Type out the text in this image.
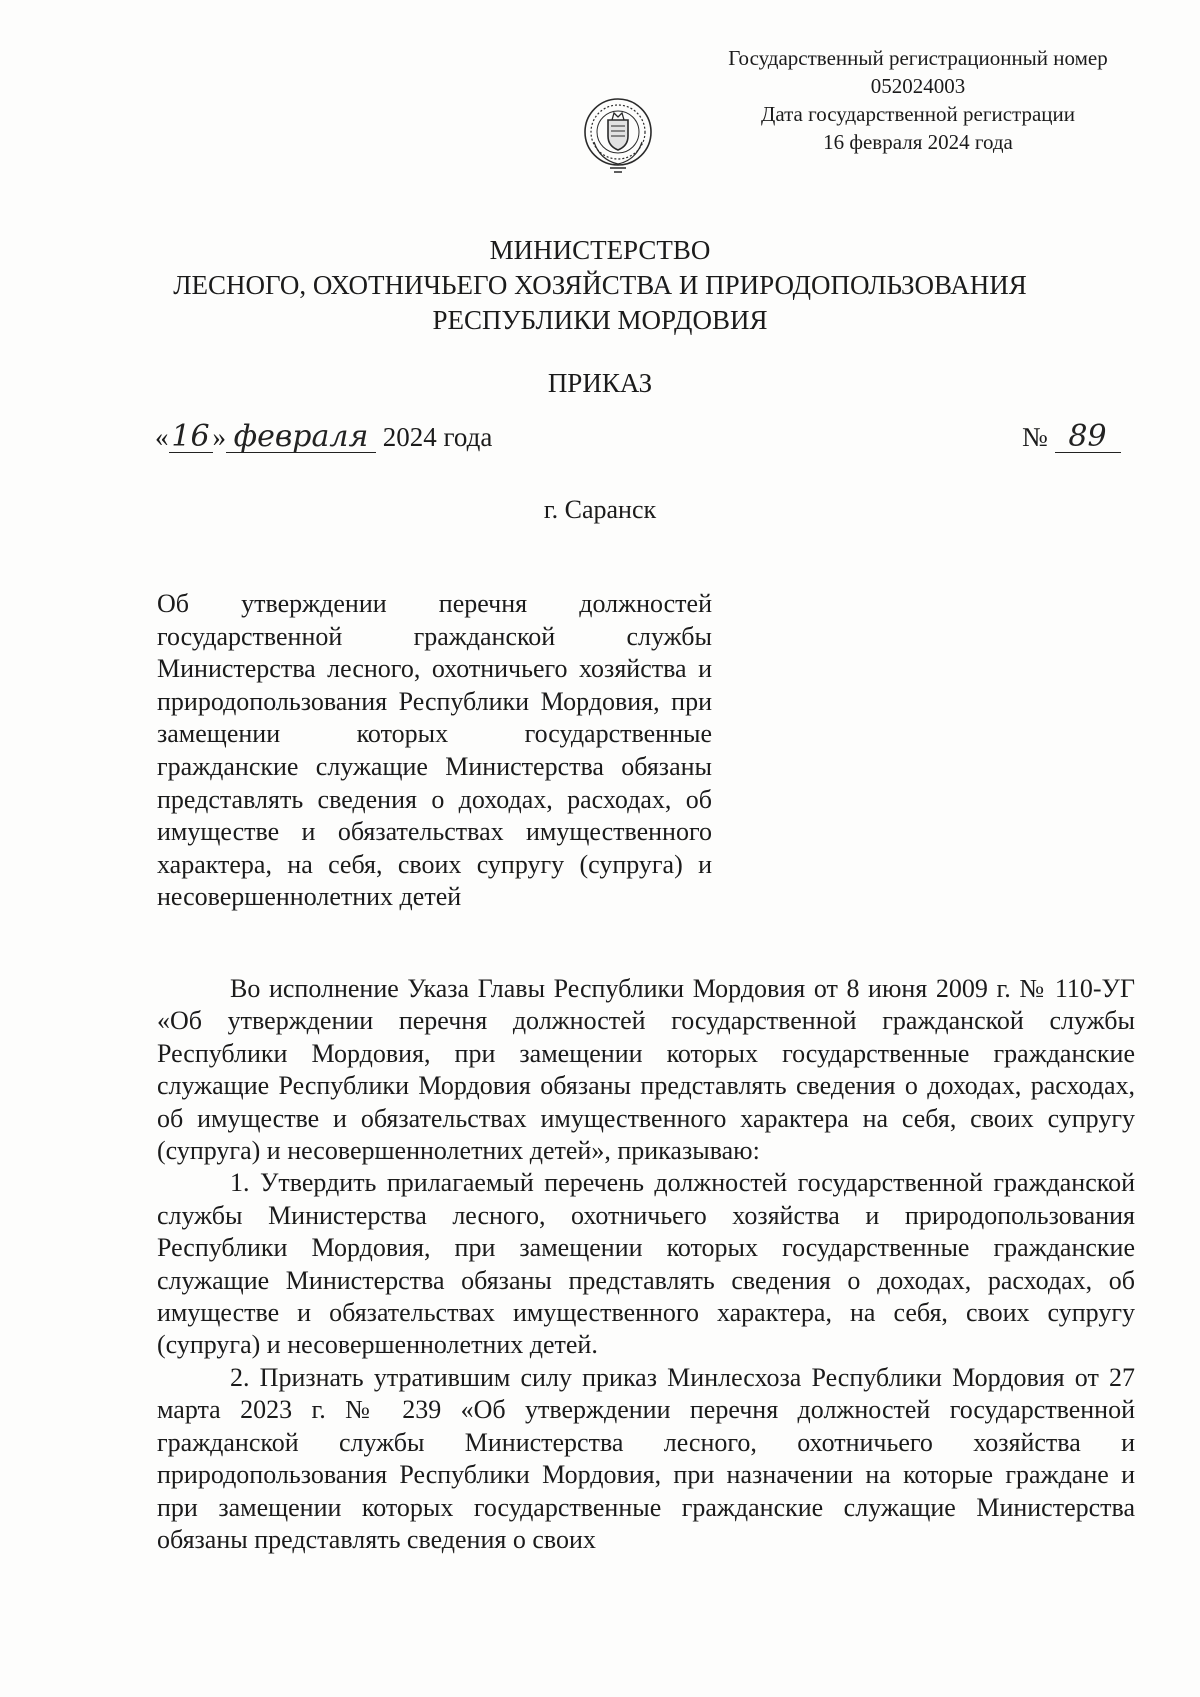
Государственный регистрационный номер
052024003
Дата государственной регистрации
16 февраля 2024 года
МИНИСТЕРСТВО
ЛЕСНОГО, ОХОТНИЧЬЕГО ХОЗЯЙСТВА И ПРИРОДОПОЛЬЗОВАНИЯ
РЕСПУБЛИКИ МОРДОВИЯ
ПРИКАЗ
«16 » февраля 2024 года	№ 89
г. Саранск
Об утверждении перечня должностей государственной гражданской службы Министерства лесного, охотничьего хозяйства и природопользования Республики Мордовия, при замещении которых государственные гражданские служащие Министерства обязаны представлять сведения о доходах, расходах, об имуществе и обязательствах имущественного характера, на себя, своих супругу (супруга) и несовершеннолетних детей

Во исполнение Указа Главы Республики Мордовия от 8 июня 2009 г. № 110-УГ «Об утверждении перечня должностей государственной гражданской службы Республики Мордовия, при замещении которых государственные гражданские служащие Республики Мордовия обязаны представлять сведения о доходах, расходах, об имуществе и обязательствах имущественного характера на себя, своих супругу (супруга) и несовершеннолетних детей», приказываю:

1. Утвердить прилагаемый перечень должностей государственной гражданской службы Министерства лесного, охотничьего хозяйства и природопользования Республики Мордовия, при замещении которых государственные гражданские служащие Министерства обязаны представлять сведения о доходах, расходах, об имуществе и обязательствах имущественного характера, на себя, своих супругу (супруга) и несовершеннолетних детей.

2. Признать утратившим силу приказ Минлесхоза Республики Мордовия от 27 марта 2023 г. № 239 «Об утверждении перечня должностей государственной гражданской службы Министерства лесного, охотничьего хозяйства и природопользования Республики Мордовия, при назначении на которые граждане и при замещении которых государственные гражданские служащие Министерства обязаны представлять сведения о своих
